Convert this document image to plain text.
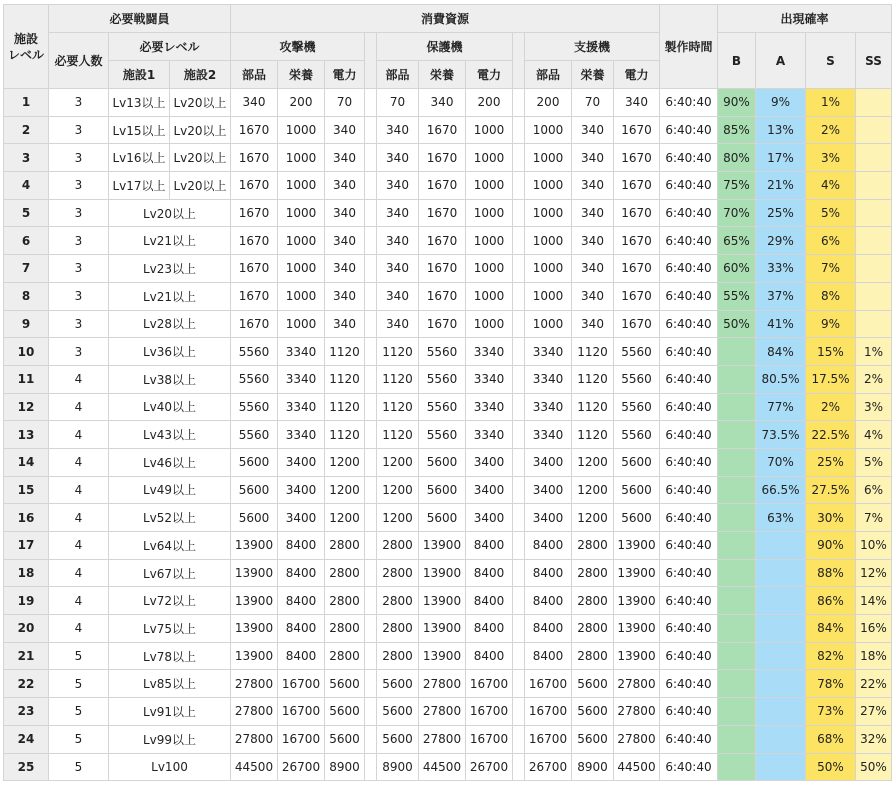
施設
レベル	必要戦闘員			消費資源											製作時間	出現確率			
	必要人数	必要レベル		攻撃機				保護機				支援機				B	A	S	SS
		施設1	施設2	部品	栄養	電力		部品	栄養	電力		部品	栄養	電力					
1	3	Lv13以上	Lv20以上	340	200	70		70	340	200		200	70	340	6:40:40	90%	9%	1%	
2	3	Lv15以上	Lv20以上	1670	1000	340		340	1670	1000		1000	340	1670	6:40:40	85%	13%	2%	
3	3	Lv16以上	Lv20以上	1670	1000	340		340	1670	1000		1000	340	1670	6:40:40	80%	17%	3%	
4	3	Lv17以上	Lv20以上	1670	1000	340		340	1670	1000		1000	340	1670	6:40:40	75%	21%	4%	
5	3	Lv20以上		1670	1000	340		340	1670	1000		1000	340	1670	6:40:40	70%	25%	5%	
6	3	Lv21以上		1670	1000	340		340	1670	1000		1000	340	1670	6:40:40	65%	29%	6%	
7	3	Lv23以上		1670	1000	340		340	1670	1000		1000	340	1670	6:40:40	60%	33%	7%	
8	3	Lv21以上		1670	1000	340		340	1670	1000		1000	340	1670	6:40:40	55%	37%	8%	
9	3	Lv28以上		1670	1000	340		340	1670	1000		1000	340	1670	6:40:40	50%	41%	9%	
10	3	Lv36以上		5560	3340	1120		1120	5560	3340		3340	1120	5560	6:40:40		84%	15%	1%
11	4	Lv38以上		5560	3340	1120		1120	5560	3340		3340	1120	5560	6:40:40		80.5%	17.5%	2%
12	4	Lv40以上		5560	3340	1120		1120	5560	3340		3340	1120	5560	6:40:40		77%	2%	3%
13	4	Lv43以上		5560	3340	1120		1120	5560	3340		3340	1120	5560	6:40:40		73.5%	22.5%	4%
14	4	Lv46以上		5600	3400	1200		1200	5600	3400		3400	1200	5600	6:40:40		70%	25%	5%
15	4	Lv49以上		5600	3400	1200		1200	5600	3400		3400	1200	5600	6:40:40		66.5%	27.5%	6%
16	4	Lv52以上		5600	3400	1200		1200	5600	3400		3400	1200	5600	6:40:40		63%	30%	7%
17	4	Lv64以上		13900	8400	2800		2800	13900	8400		8400	2800	13900	6:40:40			90%	10%
18	4	Lv67以上		13900	8400	2800		2800	13900	8400		8400	2800	13900	6:40:40			88%	12%
19	4	Lv72以上		13900	8400	2800		2800	13900	8400		8400	2800	13900	6:40:40			86%	14%
20	4	Lv75以上		13900	8400	2800		2800	13900	8400		8400	2800	13900	6:40:40			84%	16%
21	5	Lv78以上		13900	8400	2800		2800	13900	8400		8400	2800	13900	6:40:40			82%	18%
22	5	Lv85以上		27800	16700	5600		5600	27800	16700		16700	5600	27800	6:40:40			78%	22%
23	5	Lv91以上		27800	16700	5600		5600	27800	16700		16700	5600	27800	6:40:40			73%	27%
24	5	Lv99以上		27800	16700	5600		5600	27800	16700		16700	5600	27800	6:40:40			68%	32%
25	5	Lv100		44500	26700	8900		8900	44500	26700		26700	8900	44500	6:40:40			50%	50%
